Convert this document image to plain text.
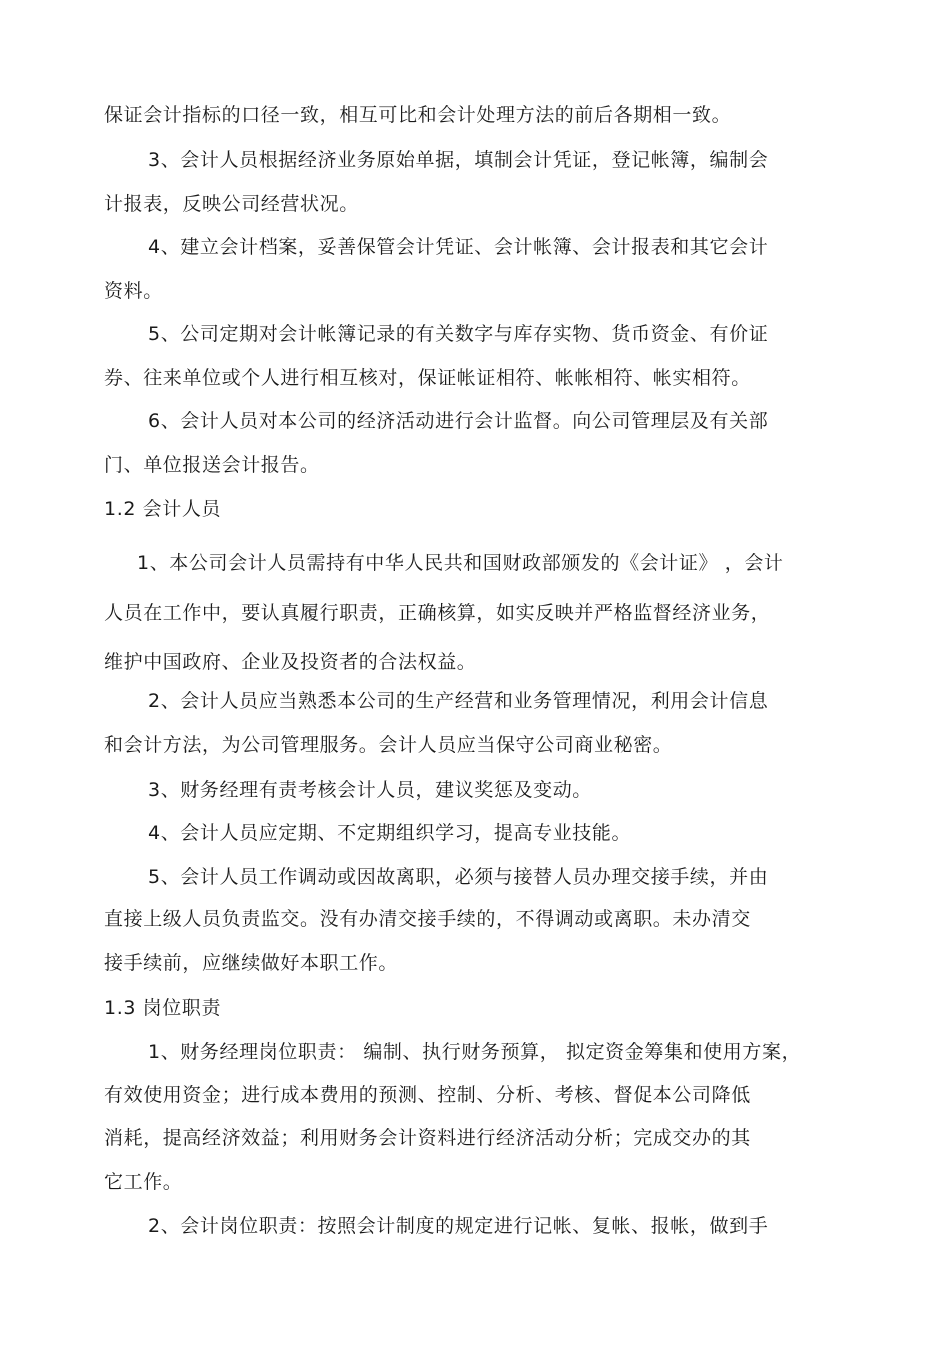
保证会计指标的口径一致，相互可比和会计处理方法的前后各期相一致。
3、会计人员根据经济业务原始单据，填制会计凭证，登记帐簿，编制会
计报表，反映公司经营状况。
4、建立会计档案，妥善保管会计凭证、会计帐簿、会计报表和其它会计
资料。
5、公司定期对会计帐簿记录的有关数字与库存实物、货币资金、有价证
券、往来单位或个人进行相互核对，保证帐证相符、帐帐相符、帐实相符。
6、会计人员对本公司的经济活动进行会计监督。向公司管理层及有关部
门、单位报送会计报告。
1.2 会计人员
1、本公司会计人员需持有中华人民共和国财政部颁发的《会计证》 ，会计
人员在工作中，要认真履行职责，正确核算，如实反映并严格监督经济业务，
维护中国政府、企业及投资者的合法权益。
2、会计人员应当熟悉本公司的生产经营和业务管理情况，利用会计信息
和会计方法，为公司管理服务。会计人员应当保守公司商业秘密。
3、财务经理有责考核会计人员，建议奖惩及变动。
4、会计人员应定期、不定期组织学习，提高专业技能。
5、会计人员工作调动或因故离职，必须与接替人员办理交接手续，并由
直接上级人员负责监交。没有办清交接手续的，不得调动或离职。未办清交
接手续前，应继续做好本职工作。
1.3 岗位职责
1、财务经理岗位职责： 编制、执行财务预算， 拟定资金筹集和使用方案，
有效使用资金；进行成本费用的预测、控制、分析、考核、督促本公司降低
消耗，提高经济效益；利用财务会计资料进行经济活动分析；完成交办的其
它工作。
2、会计岗位职责：按照会计制度的规定进行记帐、复帐、报帐，做到手
